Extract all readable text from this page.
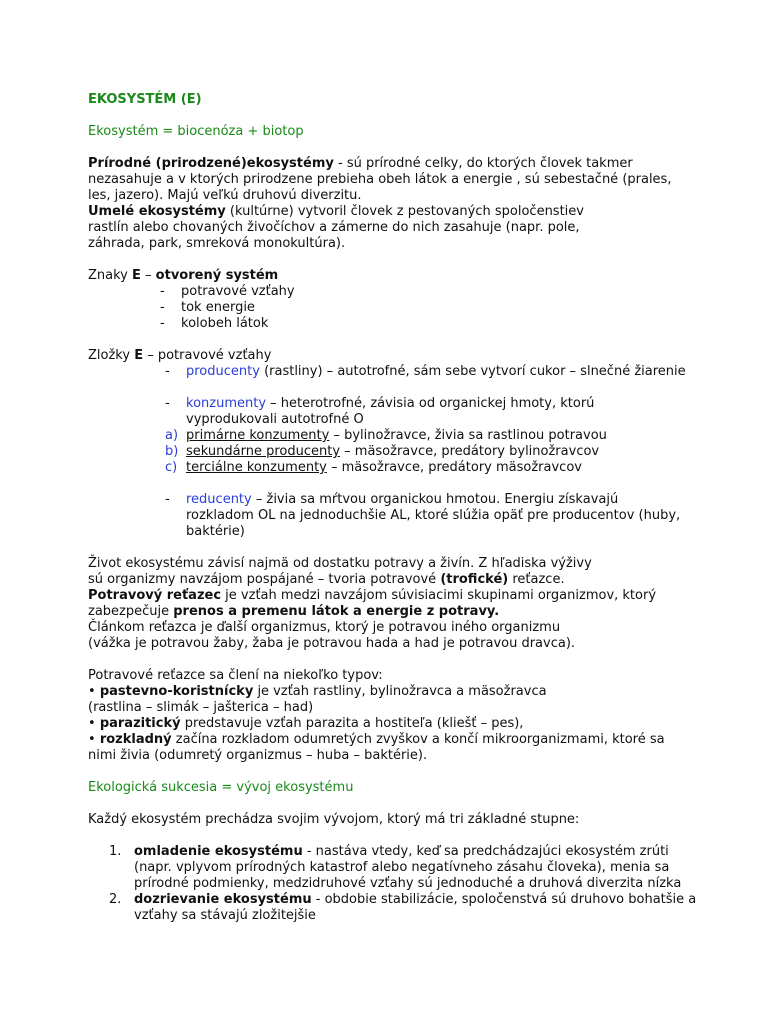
EKOSYSTÉM (E)
Ekosystém = biocenóza + biotop
Prírodné (prirodzené)ekosystémy - sú prírodné celky, do ktorých človek takmer
nezasahuje a v ktorých prirodzene prebieha obeh látok a energie , sú sebestačné (prales,
les, jazero). Majú veľkú druhovú diverzitu.
Umelé ekosystémy (kultúrne) vytvoril človek z pestovaných spoločenstiev
rastlín alebo chovaných živočíchov a zámerne do nich zasahuje (napr. pole,
záhrada, park, smreková monokultúra).
Znaky E – otvorený systém
- potravové vzťahy
- tok energie
- kolobeh látok
Zložky E – potravové vzťahy
- producenty (rastliny) – autotrofné, sám sebe vytvorí cukor – slnečné žiarenie
- konzumenty – heterotrofné, závisia od organickej hmoty, ktorú
vyprodukovali autotrofné O
a) primárne konzumenty – bylinožravce, živia sa rastlinou potravou
b) sekundárne producenty – mäsožravce, predátory bylinožravcov
c) terciálne konzumenty – mäsožravce, predátory mäsožravcov
- reducenty – živia sa mŕtvou organickou hmotou. Energiu získavajú
rozkladom OL na jednoduchšie AL, ktoré slúžia opäť pre producentov (huby,
baktérie)
Život ekosystému závisí najmä od dostatku potravy a živín. Z hľadiska výživy
sú organizmy navzájom pospájané – tvoria potravové (trofické) reťazce.
Potravový reťazec je vzťah medzi navzájom súvisiacimi skupinami organizmov, ktorý
zabezpečuje prenos a premenu látok a energie z potravy.
Článkom reťazca je ďalší organizmus, ktorý je potravou iného organizmu
(vážka je potravou žaby, žaba je potravou hada a had je potravou dravca).
Potravové reťazce sa člení na niekoľko typov:
• pastevno-koristnícky je vzťah rastliny, bylinožravca a mäsožravca
(rastlina – slimák – jašterica – had)
• parazitický predstavuje vzťah parazita a hostiteľa (kliešť – pes),
• rozkladný začína rozkladom odumretých zvyškov a končí mikroorganizmami, ktoré sa
nimi živia (odumretý organizmus – huba – baktérie).
Ekologická sukcesia = vývoj ekosystému
Každý ekosystém prechádza svojim vývojom, ktorý má tri základné stupne:
1. omladenie ekosystému - nastáva vtedy, keď sa predchádzajúci ekosystém zrúti
(napr. vplyvom prírodných katastrof alebo negatívneho zásahu človeka), menia sa
prírodné podmienky, medzidruhové vzťahy sú jednoduché a druhová diverzita nízka
2. dozrievanie ekosystému - obdobie stabilizácie, spoločenstvá sú druhovo bohatšie a
vzťahy sa stávajú zložitejšie
